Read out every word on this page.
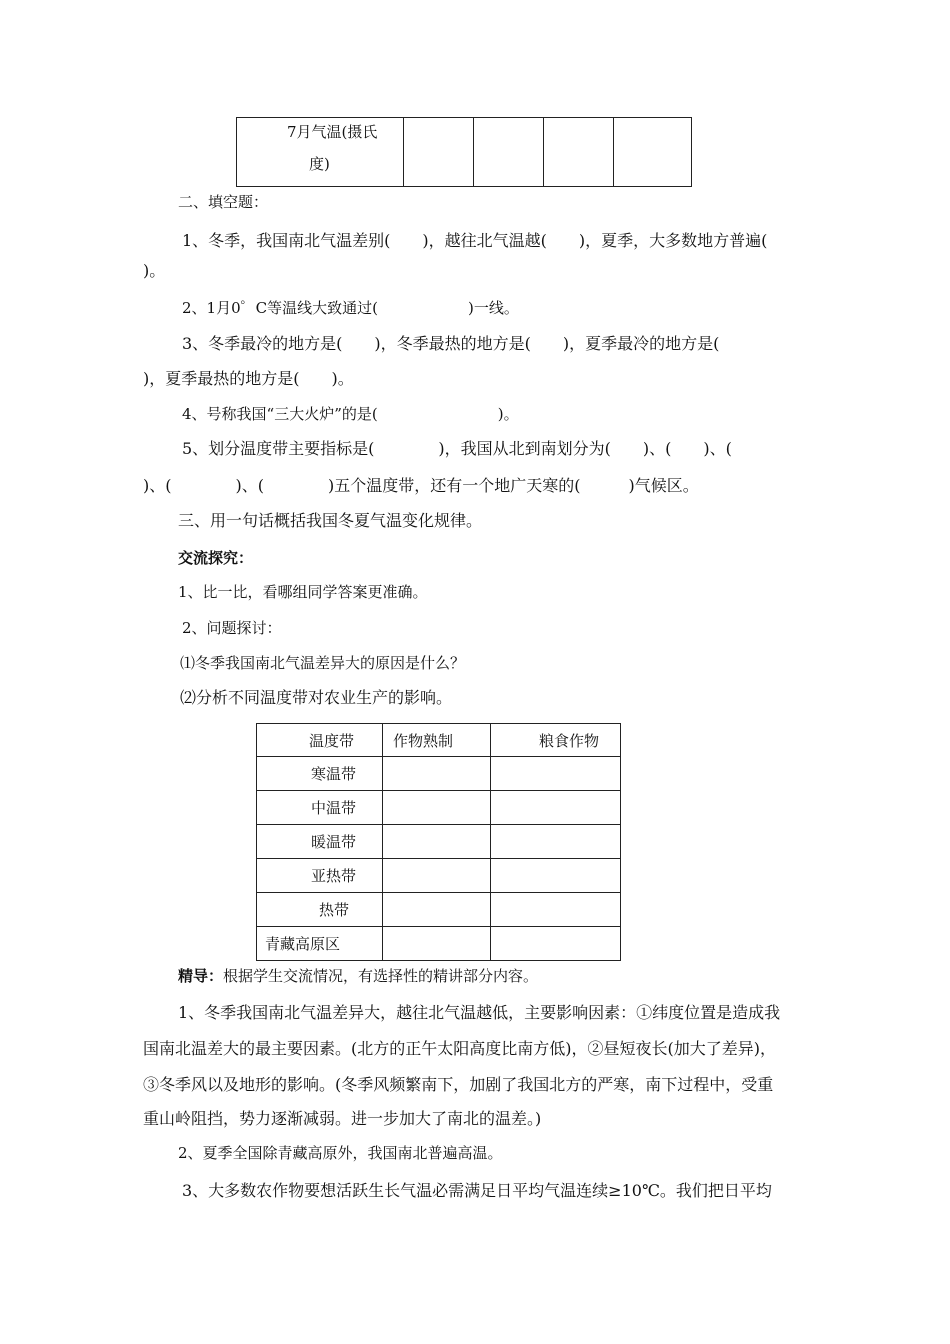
7月气温(摄氏
度)

二、填空题：
1、冬季，我国南北气温差别(　　)，越往北气温越(　　)，夏季，大多数地方普遍(
)。
2、1月0゜C等温线大致通过(　　　　　　)一线。
3、冬季最冷的地方是(　　)，冬季最热的地方是(　　)，夏季最冷的地方是(
)，夏季最热的地方是(　　)。
4、号称我国“三大火炉”的是(　　　　　　　　)。
5、划分温度带主要指标是(　　　　)，我国从北到南划分为(　　)、(　　)、(
)、(　　　　)、(　　　　)五个温度带，还有一个地广天寒的(　　　)气候区。
三、用一句话概括我国冬夏气温变化规律。
交流探究：
1、比一比，看哪组同学答案更准确。
2、问题探讨：
⑴冬季我国南北气温差异大的原因是什么？
⑵分析不同温度带对农业生产的影响。
温度带	作物熟制	粮食作物
寒温带		
中温带		
暖温带		
亚热带		
热带		
青藏高原区		
精导：根据学生交流情况，有选择性的精讲部分内容。
1、冬季我国南北气温差异大，越往北气温越低，主要影响因素：①纬度位置是造成我
国南北温差大的最主要因素。(北方的正午太阳高度比南方低)，②昼短夜长(加大了差异)，
③冬季风以及地形的影响。(冬季风频繁南下，加剧了我国北方的严寒，南下过程中，受重
重山岭阻挡，势力逐渐减弱。进一步加大了南北的温差。)
2、夏季全国除青藏高原外，我国南北普遍高温。
3、大多数农作物要想活跃生长气温必需满足日平均气温连续≥10℃。我们把日平均
